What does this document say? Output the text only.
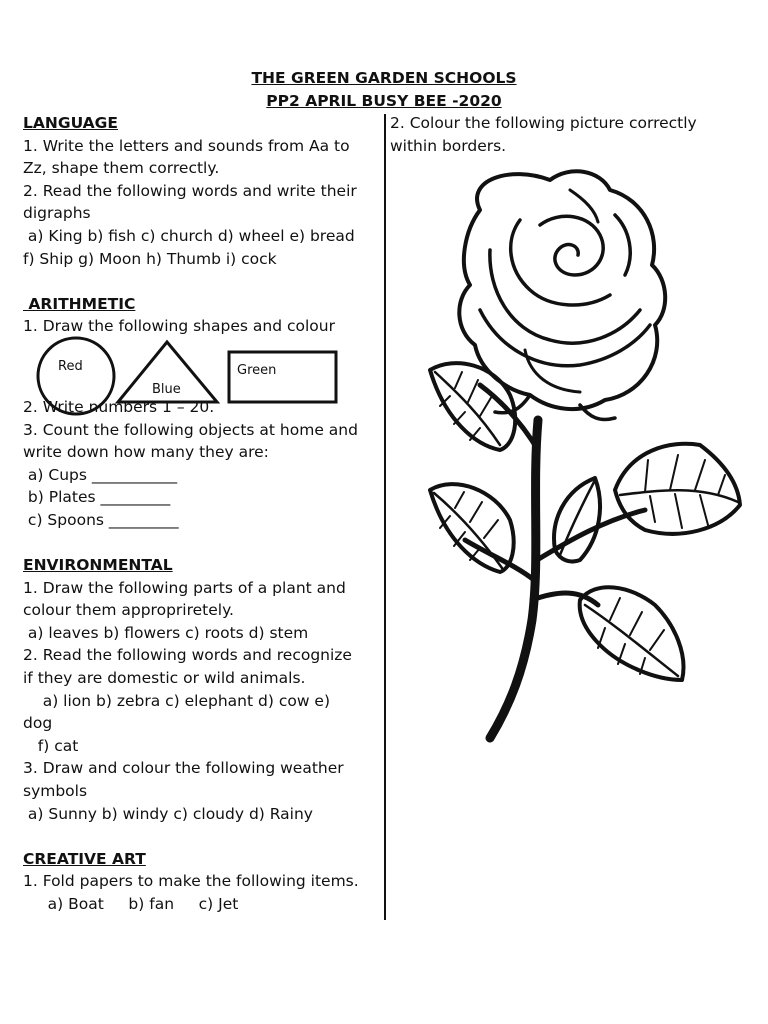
THE GREEN GARDEN SCHOOLS
PP2 APRIL BUSY BEE -2020
LANGUAGE
1. Write the letters and sounds from Aa to
Zz, shape them correctly.
2. Read the following words and write their
digraphs
a) King b) fish c) church d) wheel e) bread
f) Ship g) Moon h) Thumb i) cock
ARITHMETIC
1. Draw the following shapes and colour
Red
Blue
Green
2. Write numbers 1 – 20.
3. Count the following objects at home and
write down how many they are:
a) Cups ___________
b) Plates _________
c) Spoons _________
ENVIRONMENTAL
1. Draw the following parts of a plant and
colour them appropriretely.
a) leaves b) flowers c) roots d) stem
2. Read the following words and recognize
if they are domestic or wild animals.
a) lion b) zebra c) elephant d) cow e)
dog
f) cat
3. Draw and colour the following weather
symbols
a) Sunny b) windy c) cloudy d) Rainy
CREATIVE ART
1. Fold papers to make the following items.
a) Boat     b) fan     c) Jet
2. Colour the following picture correctly
within borders.
